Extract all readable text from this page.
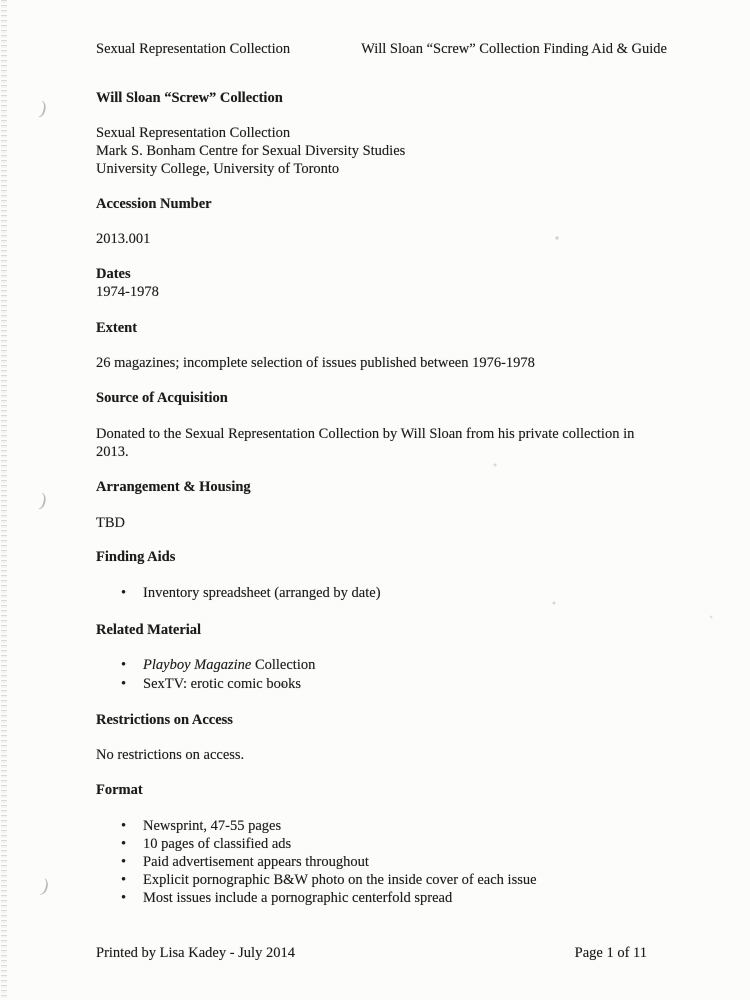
)
)
)
Sexual Representation Collection	Will Sloan “Screw” Collection Finding Aid & Guide
Will Sloan “Screw” Collection
Sexual Representation Collection
Mark S. Bonham Centre for Sexual Diversity Studies
University College, University of Toronto
Accession Number
2013.001
Dates
1974-1978
Extent
26 magazines; incomplete selection of issues published between 1976-1978
Source of Acquisition
Donated to the Sexual Representation Collection by Will Sloan from his private collection in
2013.
Arrangement & Housing
TBD
Finding Aids
• Inventory spreadsheet (arranged by date)
Related Material
• Playboy Magazine Collection
• SexTV: erotic comic books
Restrictions on Access
No restrictions on access.
Format
• Newsprint, 47-55 pages
• 10 pages of classified ads
• Paid advertisement appears throughout
• Explicit pornographic B&W photo on the inside cover of each issue
• Most issues include a pornographic centerfold spread
Printed by Lisa Kadey - July 2014	Page 1 of 11
